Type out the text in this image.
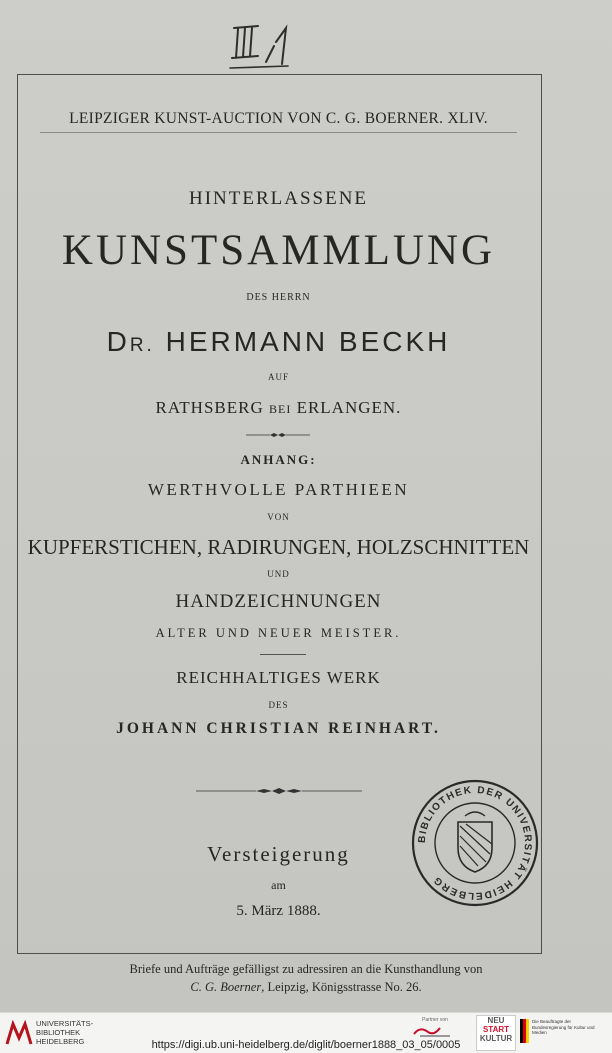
LEIPZIGER KUNST-AUCTION VON C. G. BOERNER. XLIV.
HINTERLASSENE
KUNSTSAMMLUNG
DES HERRN
DR. HERMANN BECKH
AUF
RATHSBERG BEI ERLANGEN.
ANHANG:
WERTHVOLLE PARTHIEEN
VON
KUPFERSTICHEN, RADIRUNGEN, HOLZSCHNITTEN
UND
HANDZEICHNUNGEN
ALTER UND NEUER MEISTER.
REICHHALTIGES WERK
DES
JOHANN CHRISTIAN REINHART.
Versteigerung
am
5. März 1888.
BIBLIOTHEK DER UNIVERSITÄT HEIDELBERG
Briefe und Aufträge gefälligst zu adressiren an die Kunsthandlung von
C. G. Boerner, Leipzig, Königsstrasse No. 26.
UNIVERSITÄTS-
BIBLIOTHEK
HEIDELBERG	https://digi.ub.uni-heidelberg.de/diglit/boerner1888_03_05/0005
Partner von	NEU
START
KULTUR
Die Beauftragte der Bundesregierung für Kultur und Medien
